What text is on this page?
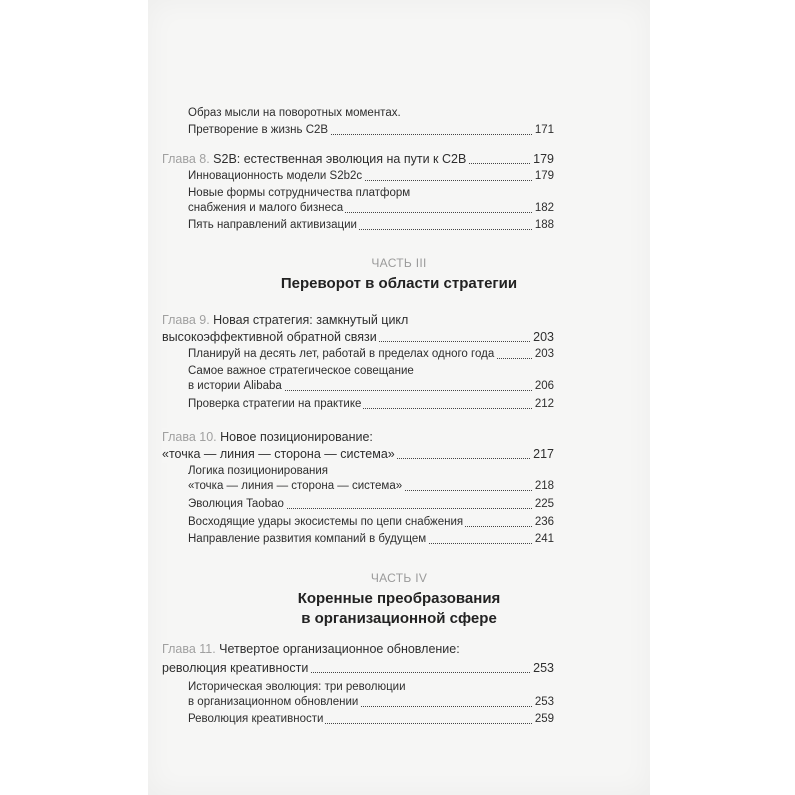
Образ мысли на поворотных моментах.
Претворение в жизнь С2В	171
Глава 8. S2B: естественная эволюция на пути к С2В	179
Инновационность модели S2b2c	179
Новые формы сотрудничества платформ
снабжения и малого бизнеса	182
Пять направлений активизации	188
Глава 9. Новая стратегия: замкнутый цикл
высокоэффективной обратной связи	203
Планируй на десять лет, работай в пределах одного года	203
Самое важное стратегическое совещание
в истории Alibaba	206
Проверка стратегии на практике	212
Глава 10. Новое позиционирование:
«точка — линия — сторона — система»	217
Логика позиционирования
«точка — линия — сторона — система»	218
Эволюция Taobao	225
Восходящие удары экосистемы по цепи снабжения	236
Направление развития компаний в будущем	241
Глава 11. Четвертое организационное обновление:
революция креативности	253
Историческая эволюция: три революции
в организационном обновлении	253
Революция креативности	259
ЧАСТЬ III
Переворот в области стратегии
ЧАСТЬ IV
Коренные преобразования
в организационной сфере
